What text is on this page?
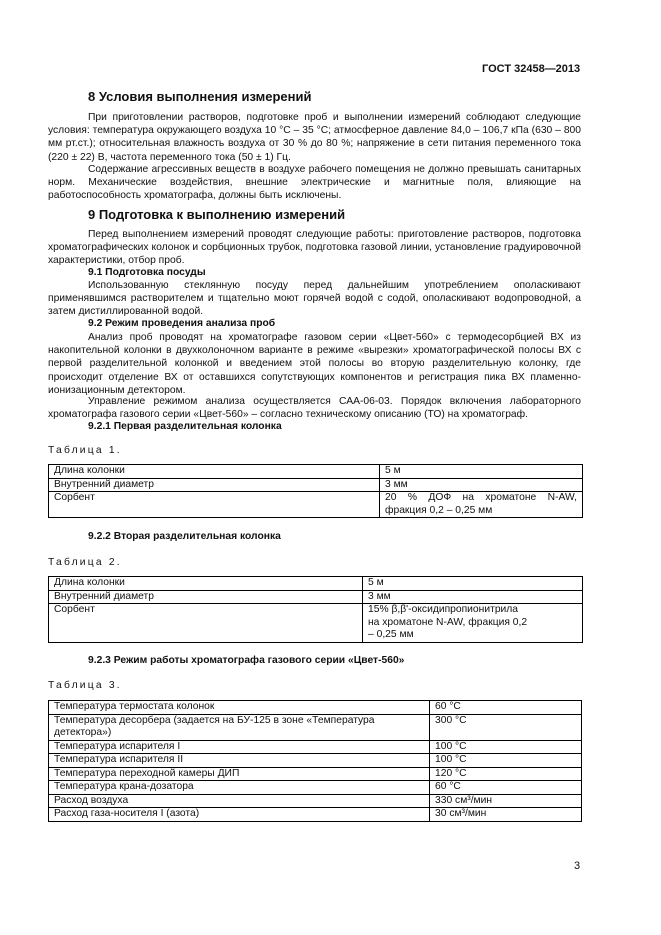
ГОСТ 32458—2013
8 Условия выполнения измерений

При приготовлении растворов, подготовке проб и выполнении измерений соблюдают следующие условия: температура окружающего воздуха 10 °С – 35 °С; атмосферное давление 84,0 – 106,7 кПа (630 – 800 мм рт.ст.); относительная влажность воздуха от 30 % до 80 %; напряжение в сети питания переменного тока (220 ± 22) В, частота переменного тока (50 ± 1) Гц.

Содержание агрессивных веществ в воздухе рабочего помещения не должно превышать санитарных норм. Механические воздействия, внешние электрические и магнитные поля, влияющие на работоспособность хроматографа, должны быть исключены.

9 Подготовка к выполнению измерений

Перед выполнением измерений проводят следующие работы: приготовление растворов, подготовка хроматографических колонок и сорбционных трубок, подготовка газовой линии, установление градуировочной характеристики, отбор проб.

9.1 Подготовка посуды

Использованную стеклянную посуду перед дальнейшим употреблением ополаскивают применявшимся растворителем и тщательно моют горячей водой с содой, ополаскивают водопроводной, а затем дистиллированной водой.

9.2 Режим проведения анализа проб

Анализ проб проводят на хроматографе газовом серии «Цвет-560» с термодесорбцией ВХ из накопительной колонки в двухколоночном варианте в режиме «вырезки» хроматографической полосы ВХ с первой разделительной колонкой и введением этой полосы во вторую разделительную колонку, где происходит отделение ВХ от оставшихся сопутствующих компонентов и регистрация пика ВХ пламенно-ионизационным детектором.

Управление режимом анализа осуществляется САА-06-03. Порядок включения лабораторного хроматографа газового серии «Цвет-560» – согласно техническому описанию (ТО) на хроматограф.

9.2.1 Первая разделительная колонка
Таблица 1.
Длина колонки	5 м
Внутренний диаметр	3 мм
Сорбент	20 % ДОФ на хроматоне N-AW, фракция 0,2 – 0,25 мм
9.2.2 Вторая разделительная колонка
Таблица 2.
Длина колонки	5 м
Внутренний диаметр	3 мм
Сорбент	15% β,β'-оксидипропионитрила на хроматоне N-AW, фракция 0,2 – 0,25 мм
9.2.3 Режим работы хроматографа газового серии «Цвет-560»
Таблица 3.
Температура термостата колонок	60 °С
Температура десорбера (задается на БУ-125 в зоне «Температура детектора»)	300 °С
Температура испарителя I	100 °С
Температура испарителя II	100 °С
Температура переходной камеры ДИП	120 °С
Температура крана-дозатора	60 °С
Расход воздуха	330 см³/мин
Расход газа-носителя I (азота)	30 см³/мин
3
